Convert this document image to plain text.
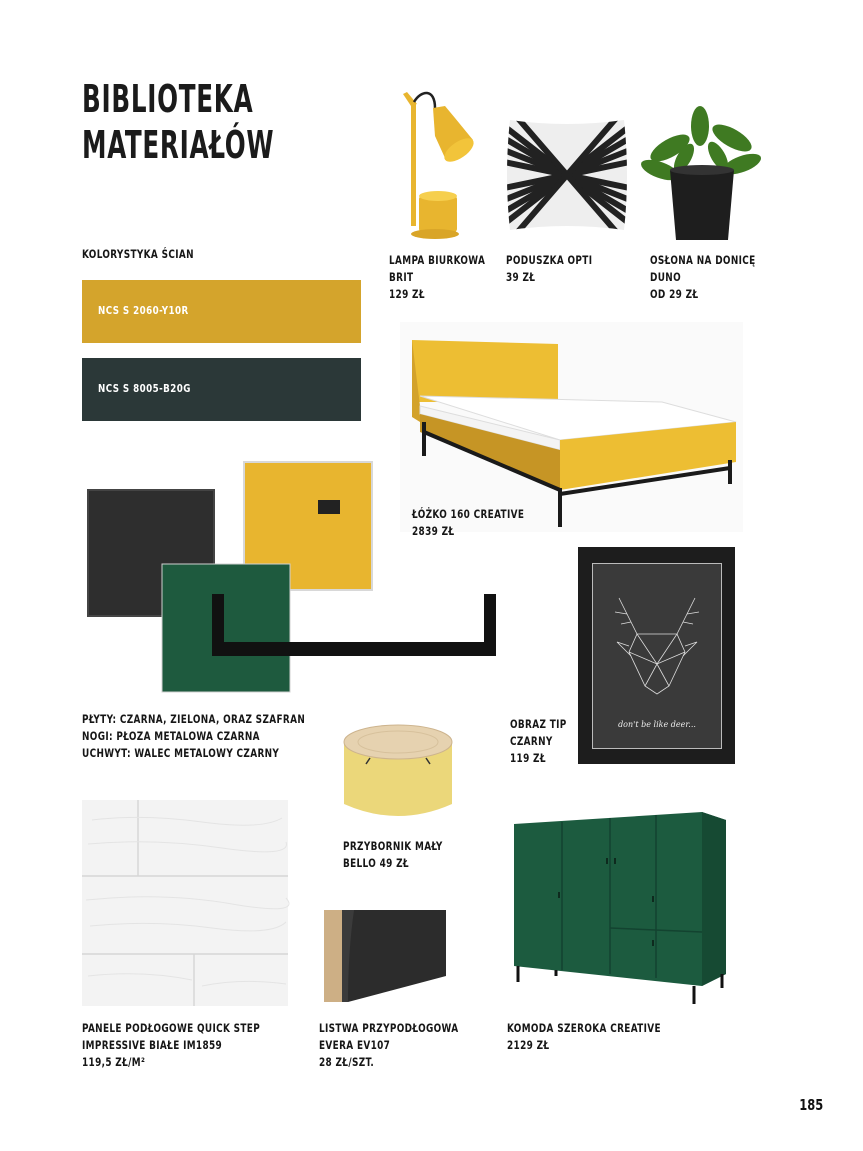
BIBLIOTEKA
MATERIAŁÓW
KOLORYSTYKA ŚCIAN
NCS S 2060-Y10R
NCS S 8005-B20G
LAMPA BIURKOWA
BRIT
129 ZŁ
PODUSZKA OPTI
39 ZŁ
OSŁONA NA DONICĘ
DUNO
OD 29 ZŁ
ŁÓŻKO 160 CREATIVE
2839 ZŁ
PŁYTY: CZARNA, ZIELONA, ORAZ SZAFRAN
NOGI: PŁOZA METALOWA CZARNA
UCHWYT: WALEC METALOWY CZARNY
don't be like deer...
OBRAZ TIP
CZARNY
119 ZŁ
PRZYBORNIK MAŁY
BELLO 49 ZŁ
PANELE PODŁOGOWE QUICK STEP
IMPRESSIVE BIAŁE IM1859
119,5 ZŁ/M²
LISTWA PRZYPODŁOGOWA
EVERA EV107
28 ZŁ/SZT.
KOMODA SZEROKA CREATIVE
2129 ZŁ
185
